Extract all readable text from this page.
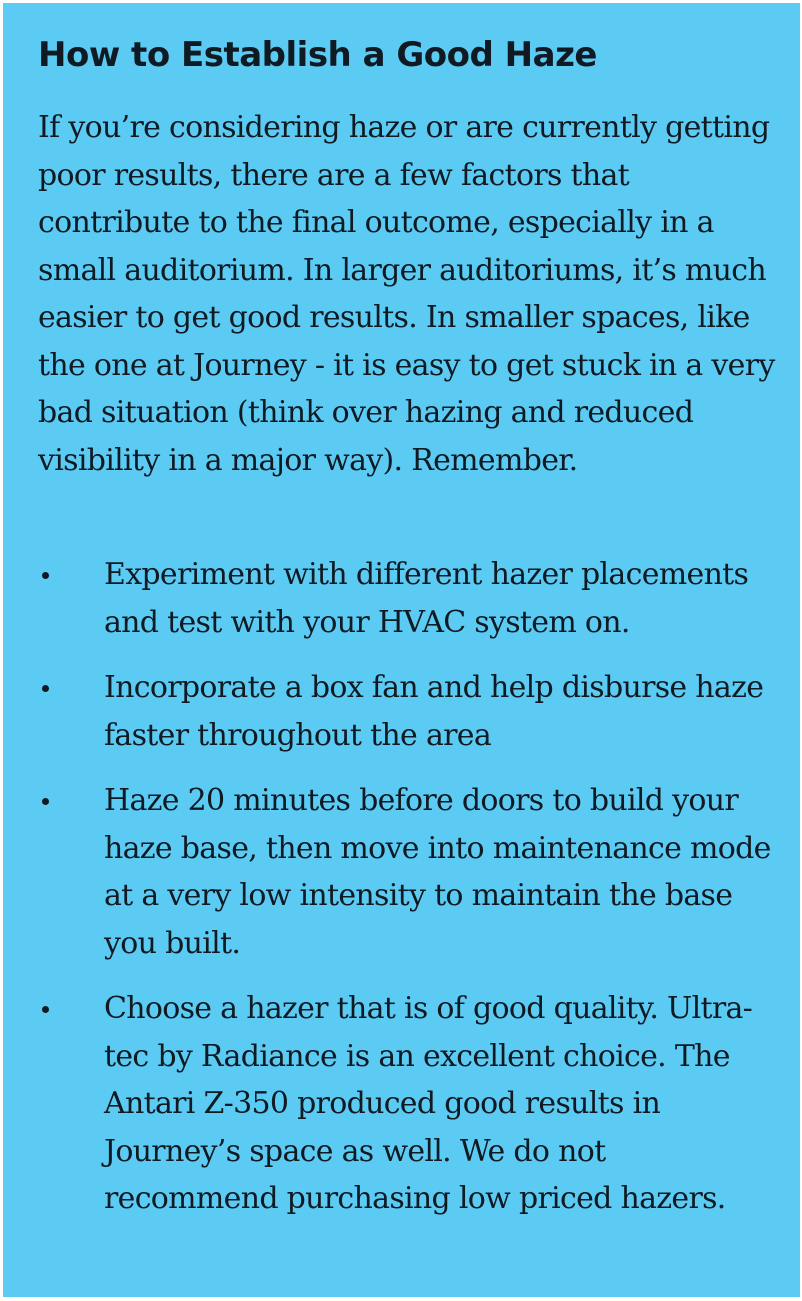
How to Establish a Good Haze

If you’re considering haze or are currently getting poor results, there are a few factors that contribute to the final outcome, especially in a small auditorium. In larger auditoriums, it’s much easier to get good results. In smaller spaces, like the one at Journey - it is easy to get stuck in a very bad situation (think over hazing and reduced visibility in a major way). Remember.

Experiment with different hazer placements and test with your HVAC system on.
Incorporate a box fan and help disburse haze faster throughout the area
Haze 20 minutes before doors to build your haze base, then move into maintenance mode at a very low intensity to maintain the base you built.
Choose a hazer that is of good quality. Ultra-tec by Radiance is an excellent choice. The Antari Z-350 produced good results in Journey’s space as well. We do not recommend purchasing low priced hazers.
